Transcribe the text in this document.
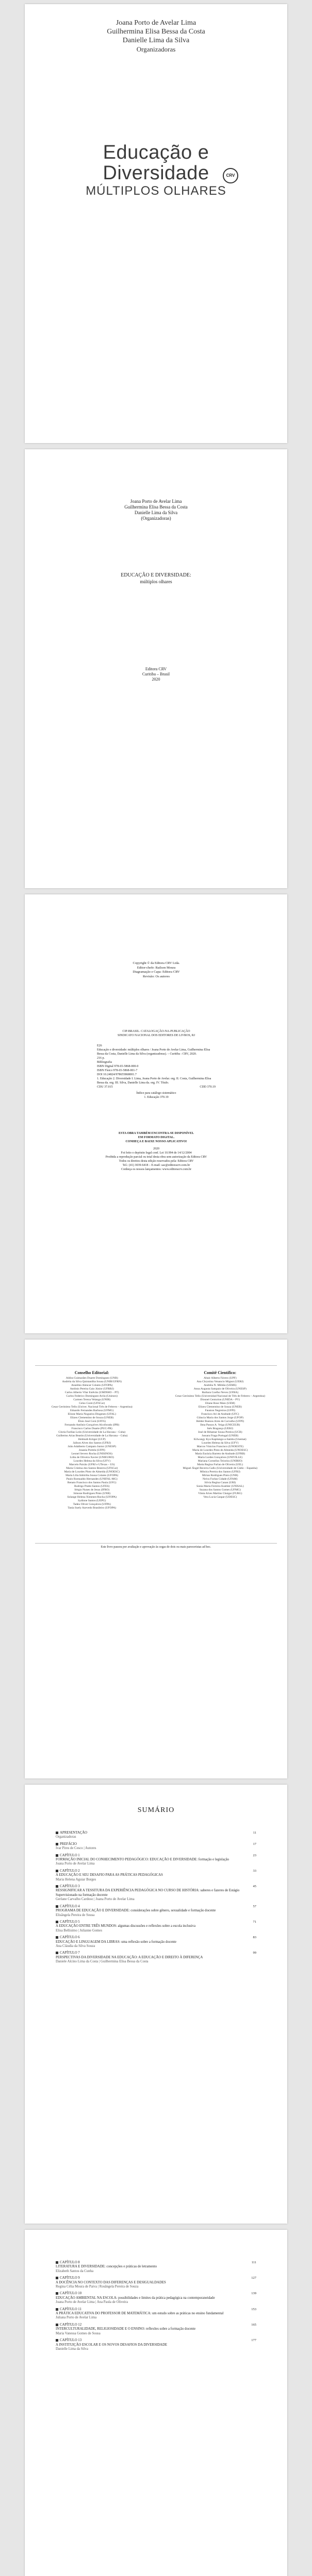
Joana Porto de Avelar Lima
Guilhermina Elisa Bessa da Costa
Danielle Lima da Silva
Organizadoras
Educação e
Diversidade
MÚLTIPLOS OLHARES
CRV
Joana Porto de Avelar Lima
Guilhermina Elisa Bessa da Costa
Danielle Lima da Silva
(Organizadoras)
EDUCAÇÃO E DIVERSIDADE:
múltiplos olhares
Editora CRV
Curitiba – Brasil
2020
Copyright © da Editora CRV Ltda.
Editor-chefe: Railson Moura
Diagramação e Capa: Editora CRV
Revisão: Os autores
CIP-BRASIL. CATALOGAÇÃO-NA-PUBLICAÇÃO
SINDICATO NACIONAL DOS EDITORES DE LIVROS, RJ
E26
Educação e diversidade: múltiplos olhares / Joana Porto de Avelar Lima, Guilhermina Elisa Bessa da Costa, Danielle Lima da Silva (organizadoras). – Curitiba : CRV, 2020.
216 p.
Bibliografia
ISBN Digital 978-65-5868-000-0
ISBN Físico 978-65-5868-001-7
DOI 10.24824/978655868001.7
1. Educação 2. Diversidade I. Lima, Joana Porto de Avelar. org. II. Costa, Guilhermina Elisa Bessa da. org. III. Silva, Danielle Lima da. org. IV. Título.
CDU 37.015	CDD 370.19
Índice para catálogo sistemático
1. Educação 370.19
ESTA OBRA TAMBÉM ENCONTRA-SE DISPONÍVEL
EM FORMATO DIGITAL.
CONHEÇA E BAIXE NOSSO APLICATIVO!
2020
Foi feito o depósito legal conf. Lei 10.994 de 14/12/2004
Proibida a reprodução parcial ou total desta obra sem autorização da Editora CRV
Todos os direitos desta edição reservados pela: Editora CRV
Tel.: (41) 3039-6418 – E-mail: sac@editoracrv.com.br
Conheça os nossos lançamentos: www.editoracrv.com.br
Conselho Editorial:
Aldira Guimarães Duarte Domínguez (UNB)
Andréia da Silva Quintanilha Sousa (UNIR/UFRN)
Anselmo Alencar Colares (UFOPA)
Antônio Pereira Gaio Júnior (UFRRJ)
Carlos Alberto Vilar Estêvão (UMINHO – PT)
Carlos Federico Dominguez Avila (Unieuro)
Carmen Tereza Velanga (UNIR)
Celso Conti (UFSCar)
Cesar Gerónimo Tello (Univer. Nacional Três de Febrero – Argentina)
Eduardo Fernandes Barbosa (UFMG)
Elione Maria Nogueira Diogenes (UFAL)
Elizeu Clementino de Souza (UNEB)
Élsio José Corá (UFFS)
Fernando Antônio Gonçalves Alcoforado (IPB)
Francisco Carlos Duarte (PUC-PR)
Gloria Fariñas León (Universidade de La Havana – Cuba)
Guillermo Arias Beatón (Universidade de La Havana – Cuba)
Helmuth Krüger (UCP)
Jailson Alves dos Santos (UFRJ)
João Adalberto Campato Junior (UNESP)
Josania Portela (UFPI)
Leonel Severo Rocha (UNISINOS)
Lídia de Oliveira Xavier (UNIEURO)
Lourdes Helena da Silva (UFV)
Marcelo Paixão (UFRJ e UTexas – US)
Maria Cristina dos Santos Bezerra (UFSCar)
Maria de Lourdes Pinto de Almeida (UNOESC)
Maria Lília Imbiriba Sousa Colares (UFOPA)
Paulo Romualdo Hernandes (UNIFAL-MG)
Renato Francisco dos Santos Paula (UFG)
Rodrigo Pratte-Santos (UFES)
Sérgio Nunes de Jesus (IFRO)
Simone Rodrigues Pinto (UNB)
Solange Helena Ximenes-Rocha (UFOPA)
Sydione Santos (UEPG)
Tadeu Oliver Gonçalves (UFPA)
Tania Suely Azevedo Brasileiro (UFOPA)
Comitê Científico:
Altair Alberto Fávero (UPF)
Ana Chrystina Venancio Mignot (UERJ)
Andréia N. Militão (UEMS)
Anna Augusta Sampaio de Oliveira (UNESP)
Barbara Coelho Neves (UFBA)
Cesar Gerónimo Tello (Universidad Nacional de Três de Febrero – Argentina)
Diosnel Centurion (UNIDA – PY)
Eliane Rose Maio (UEM)
Elizeu Clementino de Souza (UNEB)
Fauston Negreiros (UFPI)
Francisco Ari de Andrade (UFC)
Gláucia Maria dos Santos Jorge (UFOP)
Helder Buenos Aires de Carvalho (UFPI)
Ilma Passos A. Veiga (UNICEUB)
Inês Bragança (UERJ)
José de Ribamar Sousa Pereira (UCB)
Jussara Fraga Portugal (UNEB)
Kilwangy Kya Kapitango-a-Samba (Unemat)
Lourdes Helena da Silva (UFV)
Marcos Vinicius Francisco (UNOESTE)
Maria de Lourdes Pinto de Almeida (UNOESC)
Maria Eurácia Barreto de Andrade (UFRB)
Maria Lurdes Gonçalves (UNIVILLE)
Mariana Cornelius Teixeira (UNIRIO)
Marta Regina Furlan de Oliveira (UEL)
Miguel Ángel Becerra Gallo (Universidade de Cádiz – Espanha)
Mônica Pereira dos Santos (UFRJ)
Mirian Rodrigues Pinto (UNB)
Neiva Furlan Cidade (UFAM)
Silvia Regina Canan (URI)
Sonia Maria Ferreira Koehler (UNISAL)
Suzana dos Santos Gomes (UFMG)
Vânia Alves Martins Chaigar (FURG)
Vera Lucia Gaspar (UDESC)
Este livro passou por avaliação e aprovação às cegas de dois ou mais pareceristas ad hoc.
SUMÁRIO
APRESENTAÇÃO	11
Organizadoras
PREFÁCIO	17
Ivar Pires de Cesco | Autores
CAPÍTULO 1	23
FORMAÇÃO INICIAL DO CONHECIMENTO PEDAGÓGICO: EDUCAÇÃO E DIVERSIDADE: formação e legislação
Joana Porto de Avelar Lima
CAPÍTULO 2	33
A EDUCAÇÃO E SEU DESAFIO PARA AS PRÁTICAS PEDAGÓGICAS
Maria Helena Aguiar Borges
CAPÍTULO 3	45
RESSIGNIFICAR A TESSITURA DA EXPERIÊNCIA PEDAGÓGICA NO CURSO DE HISTÓRIA: saberes e fazeres de Estágio Supervisionado na formação docente
Gerlane Carvalho Cardoso | Joana Porto de Avelar Lima
CAPÍTULO 4	57
PROGRAMA DE EDUCAÇÃO E DIVERSIDADE: considerações sobre gênero, sexualidade e formação docente
Elisângela Pereira de Sousa
CAPÍTULO 5	71
A EDUCAÇÃO ENTRE TRÊS MUNDOS: algumas discussões e reflexões sobre a escola inclusiva
Elisa Bellisimo | Julianne Gomes
CAPÍTULO 6	83
EDUCAÇÃO E LINGUAGEM DA LIBRAS: uma reflexão sobre a formação docente
Ana Cláudia da Silva Souza
CAPÍTULO 7	99
PERSPECTIVAS DA DIVERSIDADE NA EDUCAÇÃO: A EDUCAÇÃO E DIREITO À DIFERENÇA
Daniele Alcino Lima da Costa | Guilhermina Elisa Bessa da Costa
CAPÍTULO 8	111
LITERATURA E DIVERSIDADE: concepções e práticas de letramento
Elizabeth Santos da Cunha
CAPÍTULO 9	127
A DOCÊNCIA NO CONTEXTO DAS DIFERENÇAS E DESIGUALDADES
Regina Célia Moura de Paiva | Rosângela Pereira de Souza
CAPÍTULO 10	139
EDUCAÇÃO AMBIENTAL NA ESCOLA: possibilidades e limites da prática pedagógica na contemporaneidade
Joana Porto de Avelar Lima | Ana Paula de Oliveira
CAPÍTULO 11	153
A PRÁTICA EDUCATIVA DO PROFESSOR DE MATEMÁTICA: um estudo sobre as práticas no ensino fundamental
Juliana Porto de Avelar Lima
CAPÍTULO 12	165
INTERCULTURALIDADE, RELIGIOSIDADE E O ENSINO: reflexões sobre a formação docente
Maria Vanessa Gomes de Sousa
CAPÍTULO 13	177
A INSTITUIÇÃO ESCOLAR E OS NOVOS DESAFIOS DA DIVERSIDADE
Danielle Lima da Silva
